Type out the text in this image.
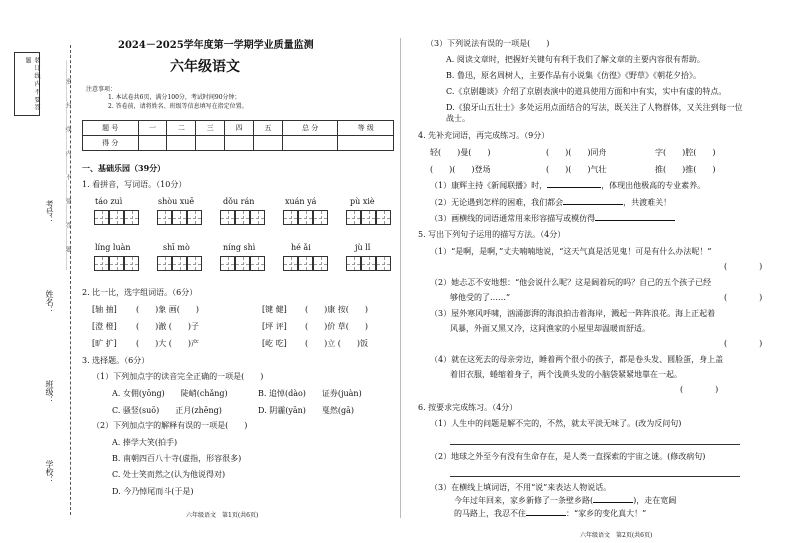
装 订 线 内 不 要 答 题	………密………封………线………内………不………要………答………题………
考号：
姓名：
班级：
学校：
2024－2025学年度第一学期学业质量监测
六年级语文
注意事项：
1. 本试卷共6页，满分100分，考试时间90分钟；
2. 答卷前，请将姓名、班级等信息填写在指定位置。
题 号	一	二	三	四	五	总 分	等 级
得 分							
一、基础乐园（39分）
1. 看拼音，写词语。（10分）
táo zuì	shòu xuē	dǒu rán	xuán yá	pù xiè
líng luàn	shī mò	níng shì	hé ǎi	jù lǐ
2. 比一比，选字组词语。（6分）
[轴 抽] (　　)象 画(　　)	[键 健] (　　)康 按(　　)
[澄 橙] (　　)澈 (　　)子	[坪 评] (　　)价 草(　　)
[旷 扩] (　　)大 (　　)产	[屹 吃] (　　)立 (　　)饭
3. 选择题。（6分）
（1）下列加点字的读音完全正确的一项是(　　)
A. 女佣(yōng)　　陡峭(chǎng)	B. 追悼(dào)　　证券(juàn)
C. 骚竖(suō)　　正月(zhēng)	D. 阴霾(yān)　　戛然(gā)
（2）下列加点字的解释有误的一项是(　　)
A. 捧学大笑(拍手)
B. 南朝四百八十寺(虚指，形容很多)
C. 处士笑而然之(认为他说得对)
D. 今乃悼尾而斗(于是)
六年级语文　第1页(共6页)
（3）下列说法有误的一项是(　　)
A. 阅读文章时，把握好关键句有利于我们了解文章的主要内容很有帮助。
B. 鲁迅，原名周树人，主要作品有小说集《仿徨》《野草》《朝花夕拾》。
C.《京剧趣谈》介绍了京剧表演中的道具使用方面和中有实，实中有虚的特点。
D.《狼牙山五壮士》多处运用点面结合的写法，既关注了人物群体，又关注到每一位战士。
4. 先补充词语，再完成练习。（9分）
轻(　　)曼(　　)	(　　)(　　)同舟	字(　　)腔(　　)
(　　)(　　)登场	(　　)(　　)气壮	推(　　)推(　　)
（1）康辉主持《新闻联播》时，	，体现出他极高的专业素养。
（2）无论遇到怎样的困难，我们都会	，共渡难关！
（3）画横线的词语通常用来形容描写或模仿得
5. 写出下列句子运用的描写方法。（4分）
（1）“是啊，是啊，”丈夫喃喃地说，“这天气真是活见鬼！可是有什么办法呢！”
(　　　　)
（2）她忐忑不安地想：“他会说什么呢？这是阔着玩的吗？自己的五个孩子已经
够他受的了……”	(　　　　)
（3）屋外寒风呼啸，汹涌澎湃的海浪拍击着海岸，溅起一阵阵浪花。海上正起着
风暴，外面又黑又冷，这间渔家的小屋里却温暖而舒适。
(　　　　)
（4）就在这死去的母亲旁边，睡着两个很小的孩子，都是卷头发、圆脸蛋，身上盖
着旧衣服，蜷缩着身子，两个浅黄头发的小脑袋紧紧地靠在一起。
(　　　　)
6. 按要求完成练习。（4分）
（1）人生中的问题是解不完的，不然，就太平淡无味了。(改为反问句)
（2）地球之外至今有没有生命存在，是人类一直探索的宇宙之谜。(修改病句)
（3）在横线上填词语，不用“说”来表达人物说话。
今年过年回来，家乡新修了一条壁乡路(	)，走在宽阔
的马路上，我忍不住	：“家乡的变化真大！”
六年级语文　第2页(共6页)
